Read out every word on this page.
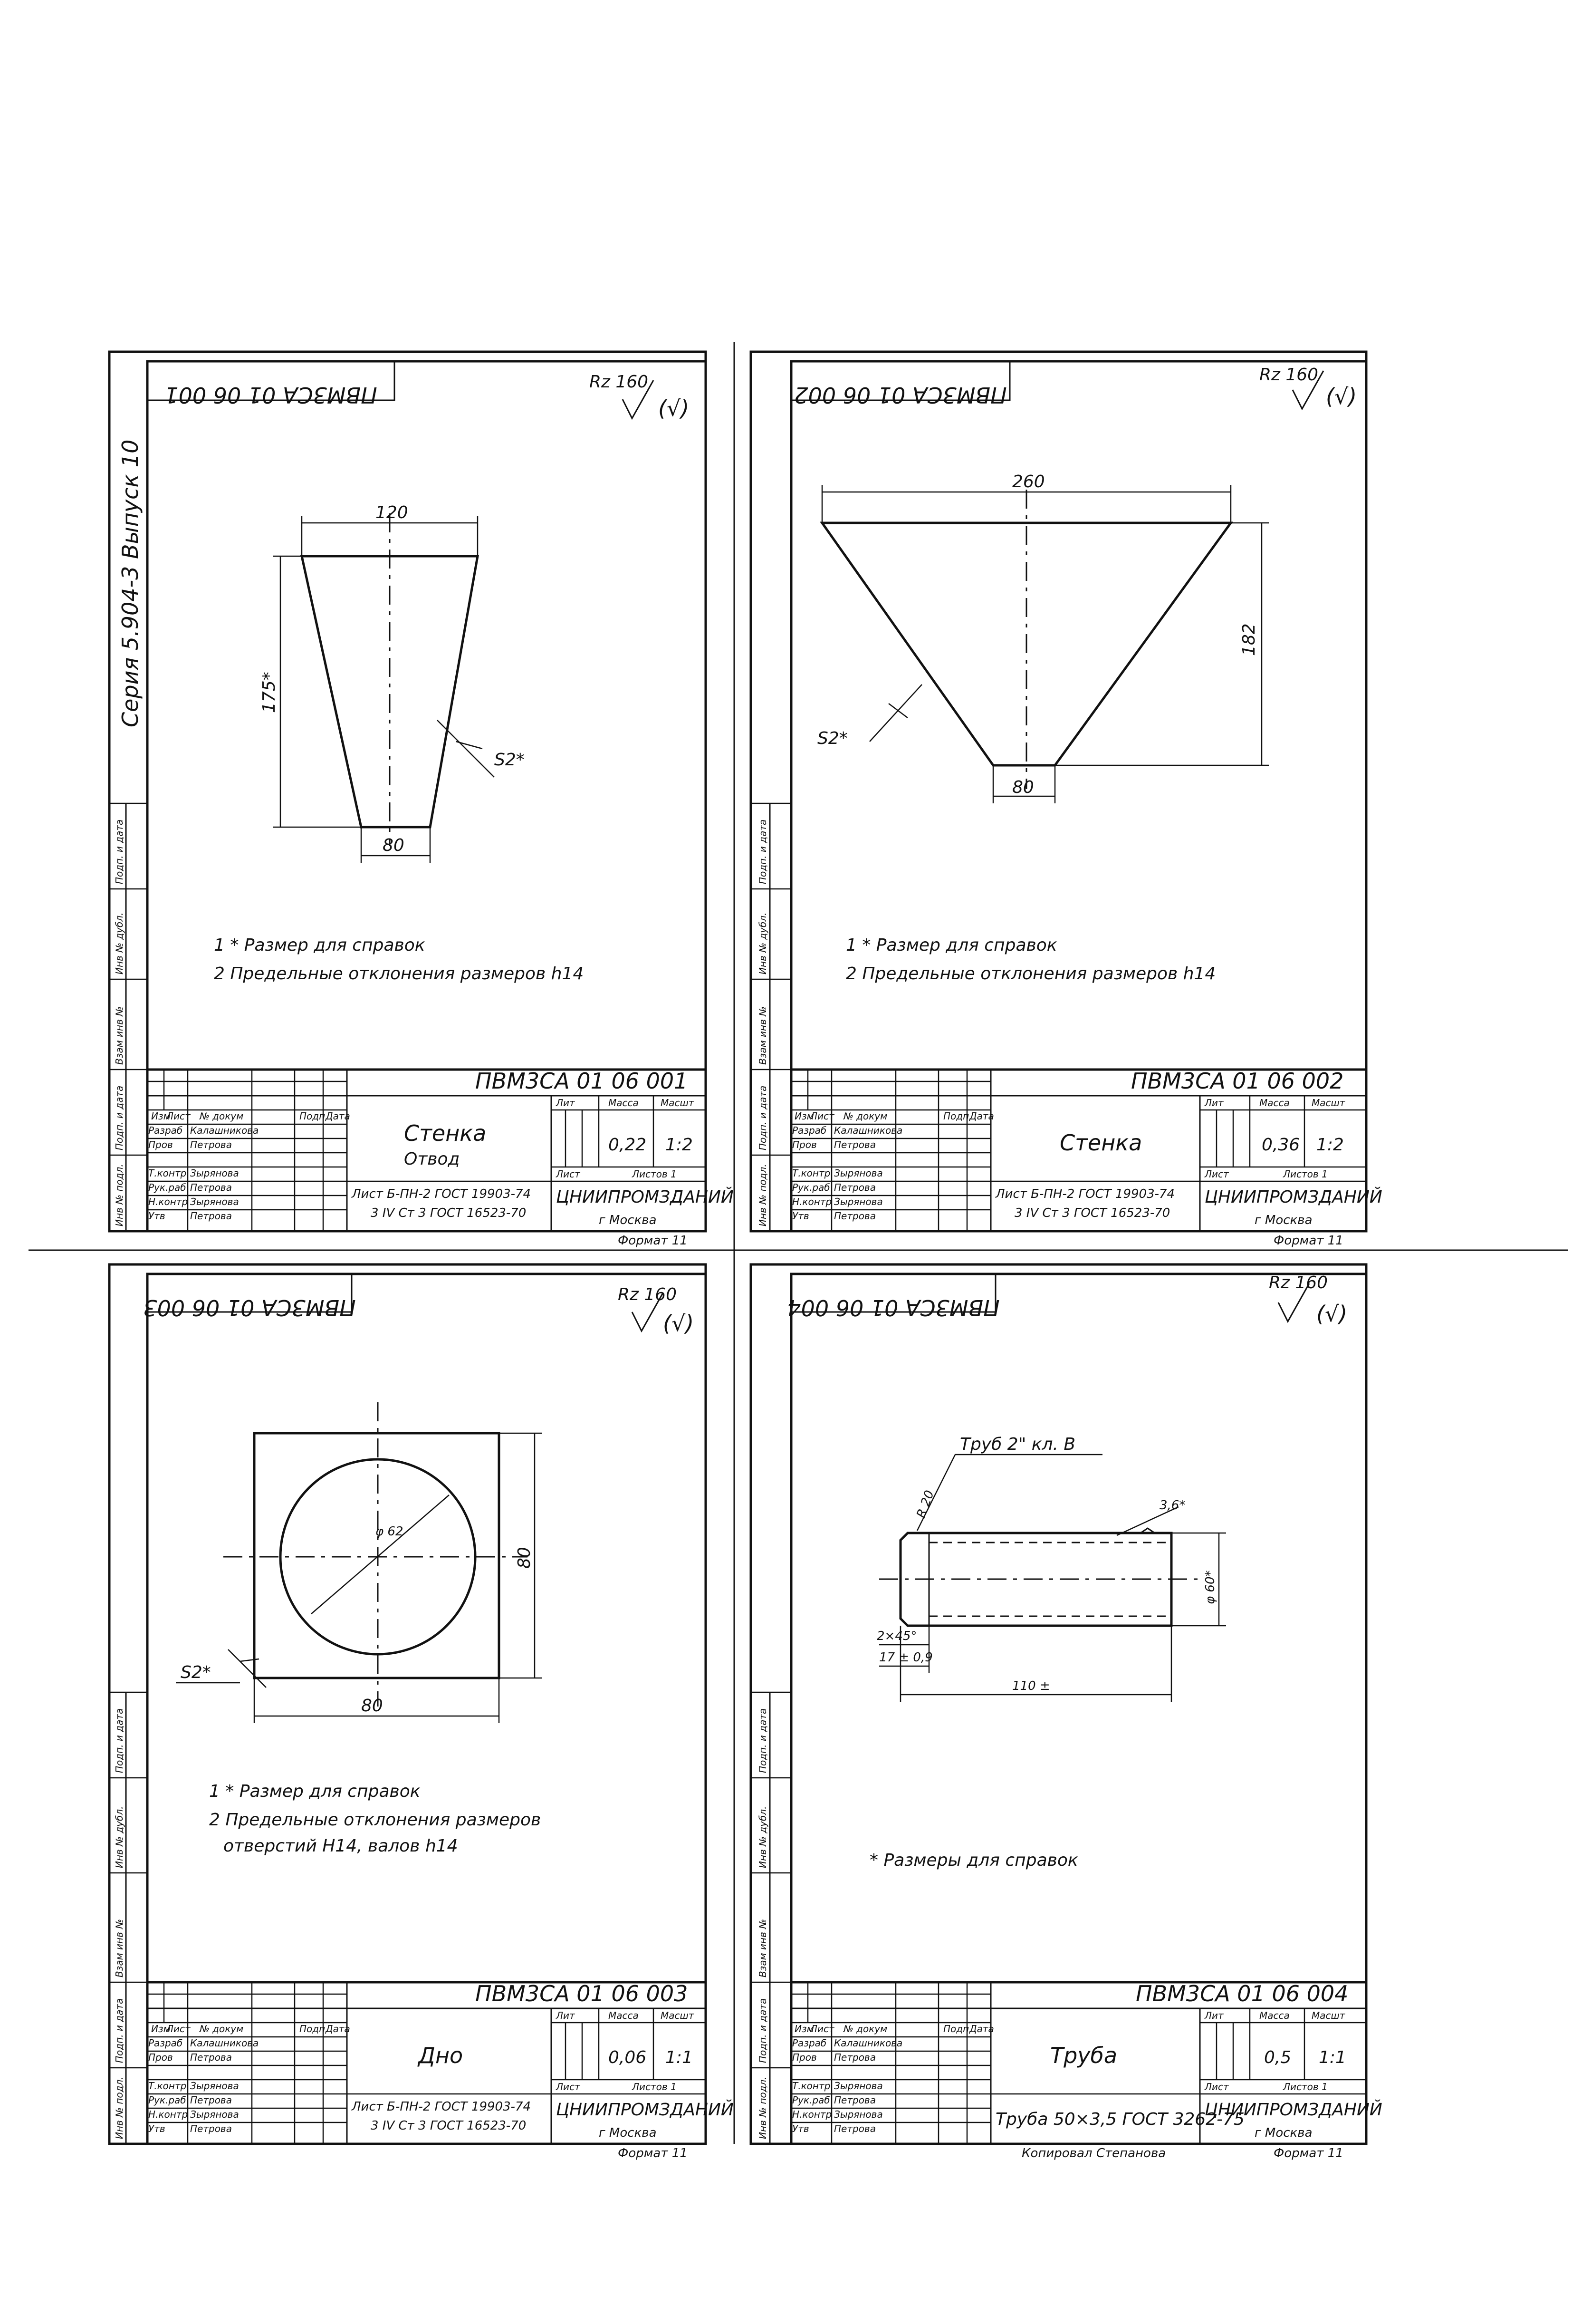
Серия 5.904-3 Выпуск 10
ПВМ3СА 01 06 001
Rz 160
(√)
120
175*
80
S2*
1 * Размер для справок
2 Предельные отклонения размеров h14
ПВМ3СА 01 06 001
Изм
Лист № докум	Подп Дата
Разраб Калашникова
Пров Петрова
Т.контр Зырянова
Рук.раб Петрова
Н.контр Зырянова
Утв	Петрова
Стенка
Отвод
Лит	Масса Масшт
0,22 1:2
Лист	Листов 1
Лист Б-ПН-2 ГОСТ 19903-74
3 IV Ст 3 ГОСТ 16523-70
ЦНИИПРОМЗДАНИЙ
г Москва
Формат 11
Инв № подл.
Подп. и дата
Взам инв №
Инв № дубл.
Подп. и дата
ПВМ3СА 01 06 002
Rz 160
(√)
260
182
80
S2*
1 * Размер для справок
2 Предельные отклонения размеров h14
ПВМ3СА 01 06 002
Изм
Лист № докум	Подп Дата
Разраб Калашникова
Пров Петрова
Т.контр Зырянова
Рук.раб Петрова
Н.контр Зырянова
Утв	Петрова
Стенка
Лит	Масса Масшт
0,36 1:2
Лист	Листов 1
Лист Б-ПН-2 ГОСТ 19903-74
3 IV Ст 3 ГОСТ 16523-70
ЦНИИПРОМЗДАНИЙ
г Москва
Формат 11
Инв № подл.
Подп. и дата
Взам инв №
Инв № дубл.
Подп. и дата
ПВМ3СА 01 06 003
Rz 160
(√)
φ 62
80
80
S2*
1 * Размер для справок
2 Предельные отклонения размеров
отверстий H14, валов h14
ПВМ3СА 01 06 003
Изм
Лист № докум	Подп Дата
Разраб Калашникова
Пров Петрова
Т.контр Зырянова
Рук.раб Петрова
Н.контр Зырянова
Утв	Петрова
Дно
Лит	Масса Масшт
0,06 1:1
Лист	Листов 1
Лист Б-ПН-2 ГОСТ 19903-74
3 IV Ст 3 ГОСТ 16523-70
ЦНИИПРОМЗДАНИЙ
г Москва
Формат 11
Инв № подл.
Подп. и дата
Взам инв №
Инв № дубл.
Подп. и дата
ПВМ3СА 01 06 004
Rz 160
(√)
3,6*
Труб 2" кл. В
R 20
φ 60*
2×45°
17 ± 0,9
110 ±
* Размеры для справок
ПВМ3СА 01 06 004
Изм
Лист № докум	Подп Дата
Разраб Калашникова
Пров Петрова
Т.контр Зырянова
Рук.раб Петрова
Н.контр Зырянова
Утв	Петрова
Труба
Лит	Масса Масшт
0,5 1:1
Лист	Листов 1
Труба 50×3,5 ГОСТ 3262-75
ЦНИИПРОМЗДАНИЙ
г Москва
Формат 11
Копировал Степанова
Инв № подл.
Подп. и дата
Взам инв №
Инв № дубл.
Подп. и дата
